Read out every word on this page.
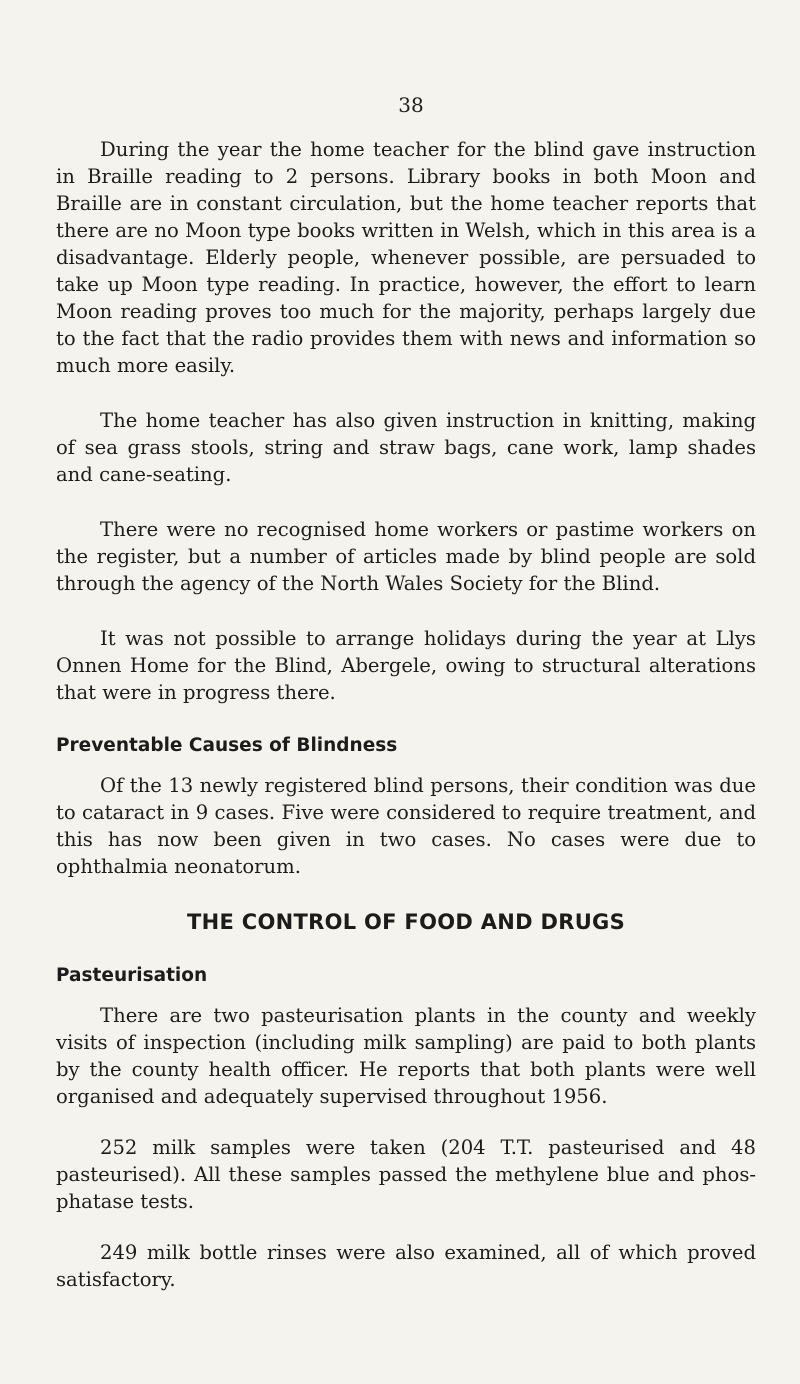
38

During the year the home teacher for the blind gave instruction in Braille reading to 2 persons. Library books in both Moon and Braille are in constant circulation, but the home teacher reports that there are no Moon type books written in Welsh, which in this area is a disadvantage. Elderly people, whenever possible, are persuaded to take up Moon type reading. In practice, however, the effort to learn Moon reading proves too much for the majority, perhaps largely due to the fact that the radio provides them with news and information so much more easily.

The home teacher has also given instruction in knitting, making of sea grass stools, string and straw bags, cane work, lamp shades and cane-seating.

There were no recognised home workers or pastime workers on the register, but a number of articles made by blind people are sold through the agency of the North Wales Society for the Blind.

It was not possible to arrange holidays during the year at Llys Onnen Home for the Blind, Abergele, owing to structural alterations that were in progress there.

Preventable Causes of Blindness

Of the 13 newly registered blind persons, their condition was due to cataract in 9 cases. Five were considered to require treatment, and this has now been given in two cases. No cases were due to ophthalmia neonatorum.

THE CONTROL OF FOOD AND DRUGS
Pasteurisation

There are two pasteurisation plants in the county and weekly visits of inspection (including milk sampling) are paid to both plants by the county health officer. He reports that both plants were well organised and adequately supervised throughout 1956.

252 milk samples were taken (204 T.T. pasteurised and 48 pasteurised). All these samples passed the methylene blue and phos-phatase tests.

249 milk bottle rinses were also examined, all of which proved satisfactory.
